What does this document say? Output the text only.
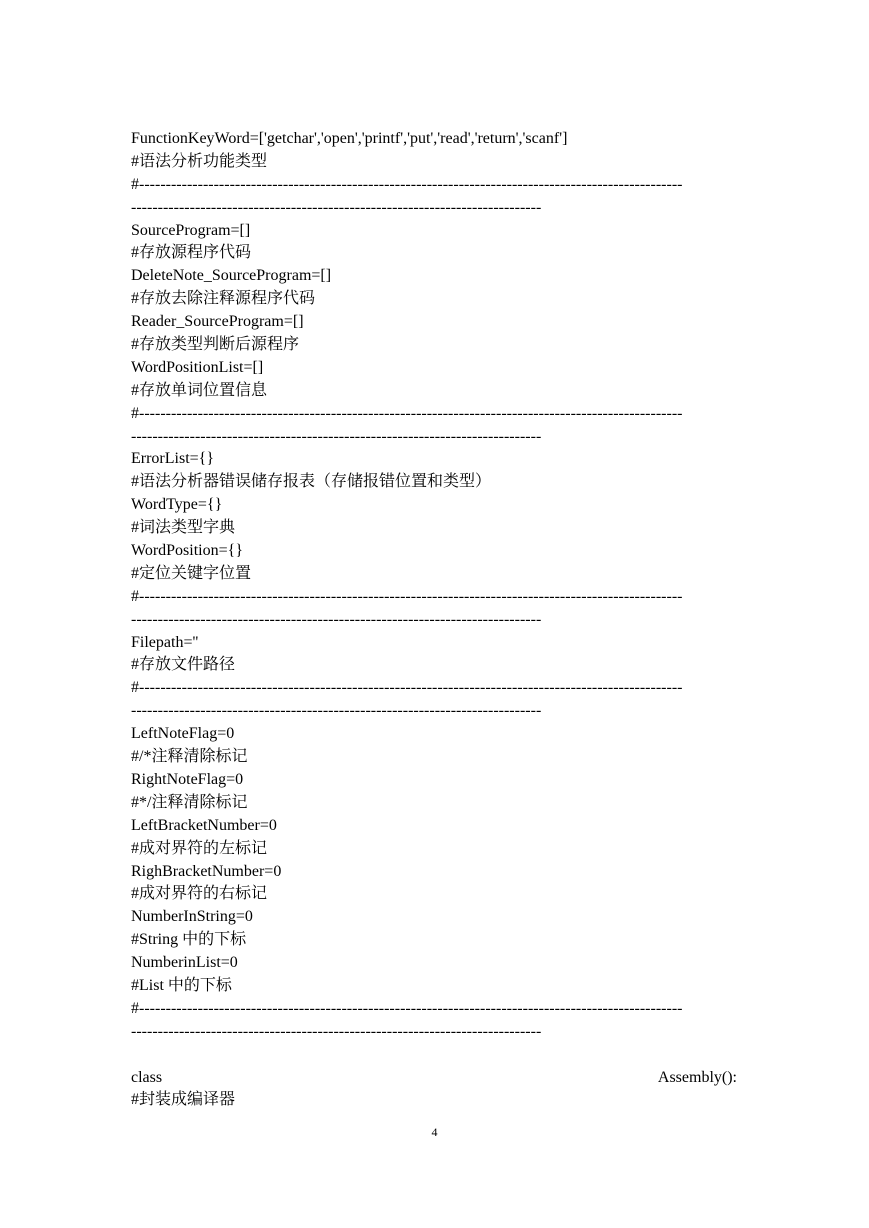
FunctionKeyWord=['getchar','open','printf','put','read','return','scanf']
#语法分析功能类型
#------------------------------------------------------------------------------------------------------
-----------------------------------------------------------------------------
SourceProgram=[]
#存放源程序代码
DeleteNote_SourceProgram=[]
#存放去除注释源程序代码
Reader_SourceProgram=[]
#存放类型判断后源程序
WordPositionList=[]
#存放单词位置信息
#------------------------------------------------------------------------------------------------------
-----------------------------------------------------------------------------
ErrorList={}
#语法分析器错误储存报表（存储报错位置和类型）
WordType={}
#词法类型字典
WordPosition={}
#定位关键字位置
#------------------------------------------------------------------------------------------------------
-----------------------------------------------------------------------------
Filepath=''
#存放文件路径
#------------------------------------------------------------------------------------------------------
-----------------------------------------------------------------------------
LeftNoteFlag=0
#/*注释清除标记
RightNoteFlag=0
#*/注释清除标记
LeftBracketNumber=0
#成对界符的左标记
RighBracketNumber=0
#成对界符的右标记
NumberInString=0
#String 中的下标
NumberinList=0
#List 中的下标
#------------------------------------------------------------------------------------------------------
-----------------------------------------------------------------------------
class	Assembly():
#封装成编译器
4
